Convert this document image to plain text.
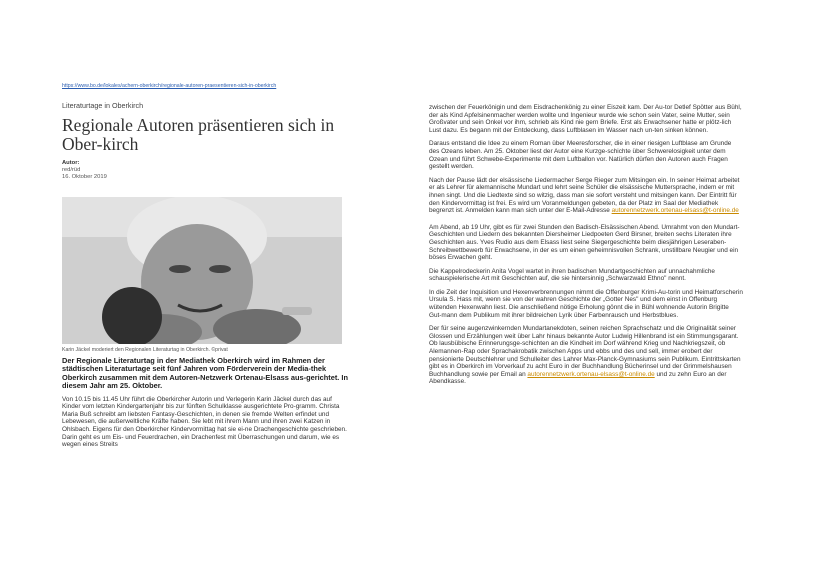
https://www.bo.de/lokales/achern-oberkirch/regionale-autoren-praesentieren-sich-in-oberkirch
Literaturtage in Oberkirch
Regionale Autoren präsentieren sich in Ober-kirch
Autor:
red/rüd
16. Oktober 2019
Karin Jäckel moderiert den Regionalen Literaturtag in Oberkirch. ©privat
Der Regionale Literaturtag in der Mediathek Oberkirch wird im Rahmen der städtischen Literaturtage seit fünf Jahren vom Förderverein der Media-thek Oberkirch zusammen mit dem Autoren-Netzwerk Ortenau-Elsass aus-gerichtet. In diesem Jahr am 25. Oktober.
Von 10.15 bis 11.45 Uhr führt die Oberkircher Autorin und Verlegerin Karin Jäckel durch das auf Kinder vom letzten Kindergartenjahr bis zur fünften Schulklasse ausgerichtete Pro-gramm. Christa Maria Buß schreibt am liebsten Fantasy-Geschichten, in denen sie fremde Welten erfindet und Lebewesen, die außerweltliche Kräfte haben. Sie lebt mit ihrem Mann und ihren zwei Katzen in Ohlsbach. Eigens für den Oberkircher Kindervormittag hat sie ei-ne Drachengeschichte geschrieben. Darin geht es um Eis- und Feuerdrachen, ein Drachenfest mit Überraschungen und darum, wie es wegen eines Streits

zwischen der Feuerkönigin und dem Eisdrachenkönig zu einer Eiszeit kam. Der Au-tor Detlef Spötter aus Bühl, der als Kind Apfelsinenmacher werden wollte und Ingenieur wurde wie schon sein Vater, seine Mutter, sein Großvater und sein Onkel vor ihm, schrieb als Kind nie gern Briefe. Erst als Erwachsener hatte er plötz-lich Lust dazu. Es begann mit der Entdeckung, dass Luftblasen im Wasser nach un-ten sinken können.

Daraus entstand die Idee zu einem Roman über Meeresforscher, die in einer riesigen Luftblase am Grunde des Ozeans leben. Am 25. Oktober liest der Autor eine Kurzge-schichte über Schwerelosigkeit unter dem Ozean und führt Schwebe-Experimente mit dem Luftballon vor. Natürlich dürfen den Autoren auch Fragen gestellt werden.

Nach der Pause lädt der elsässische Liedermacher Serge Rieger zum Mitsingen ein. In seiner Heimat arbeitet er als Lehrer für alemannische Mundart und lehrt seine Schüler die elsässische Muttersprache, indem er mit ihnen singt. Und die Liedtexte sind so witzig, dass man sie sofort versteht und mitsingen kann. Der Eintritt für den Kindervormittag ist frei. Es wird um Voranmeldungen gebeten, da der Platz im Saal der Mediathek begrenzt ist. Anmelden kann man sich unter der E-Mail-Adresse autorennetzwerk.ortenau-elsass@t-online.de

Am Abend, ab 19 Uhr, gibt es für zwei Stunden den Badisch-Elsässischen Abend. Umrahmt von den Mundart-Geschichten und Liedern des bekannten Diersheimer Liedpoeten Gerd Birsner, breiten sechs Literaten ihre Geschichten aus. Yves Rudio aus dem Elsass liest seine Siegergeschichte beim diesjährigen Leseraben-Schreibwettbewerb für Erwachsene, in der es um einen geheimnisvollen Schrank, unstillbare Neugier und ein böses Erwachen geht.

Die Kappelrodeckerin Anita Vogel wartet in ihren badischen Mundartgeschichten auf unnachahmliche schauspielerische Art mit Geschichten auf, die sie hintersinnig „Schwarzwald Ethno" nennt.

In die Zeit der Inquisition und Hexenverbrennungen nimmt die Offenburger Krimi-Au-torin und Heimatforscherin Ursula S. Hass mit, wenn sie von der wahren Geschichte der „Gotter Nes" und dem einst in Offenburg wütenden Hexenwahn liest. Die anschließend nötige Erholung gönnt die in Bühl wohnende Autorin Brigitte Gut-mann dem Publikum mit ihrer bildreichen Lyrik über Farbenrausch und Herbstblues.

Der für seine augenzwinkernden Mundartanekdoten, seinen reichen Sprachschatz und die Originalität seiner Glossen und Erzählungen weit über Lahr hinaus bekannte Autor Ludwig Hillenbrand ist ein Stimmungsgarant. Ob lausbübische Erinnerungsge-schichten an die Kindheit im Dorf während Krieg und Nachkriegszeit, ob Alemannen-Rap oder Sprachakrobatik zwischen Apps und ebbs und des und sell, immer erobert der pensionierte Deutschlehrer und Schulleiter des Lahrer Max-Planck-Gymnasiums sein Publikum. Eintrittskarten gibt es in Oberkirch im Vorverkauf zu acht Euro in der Buchhandlung Bücherinsel und der Grimmelshausen Buchhandlung sowie per Email an autorennetzwerk.ortenau-elsass@t-online.de und zu zehn Euro an der Abendkasse.
